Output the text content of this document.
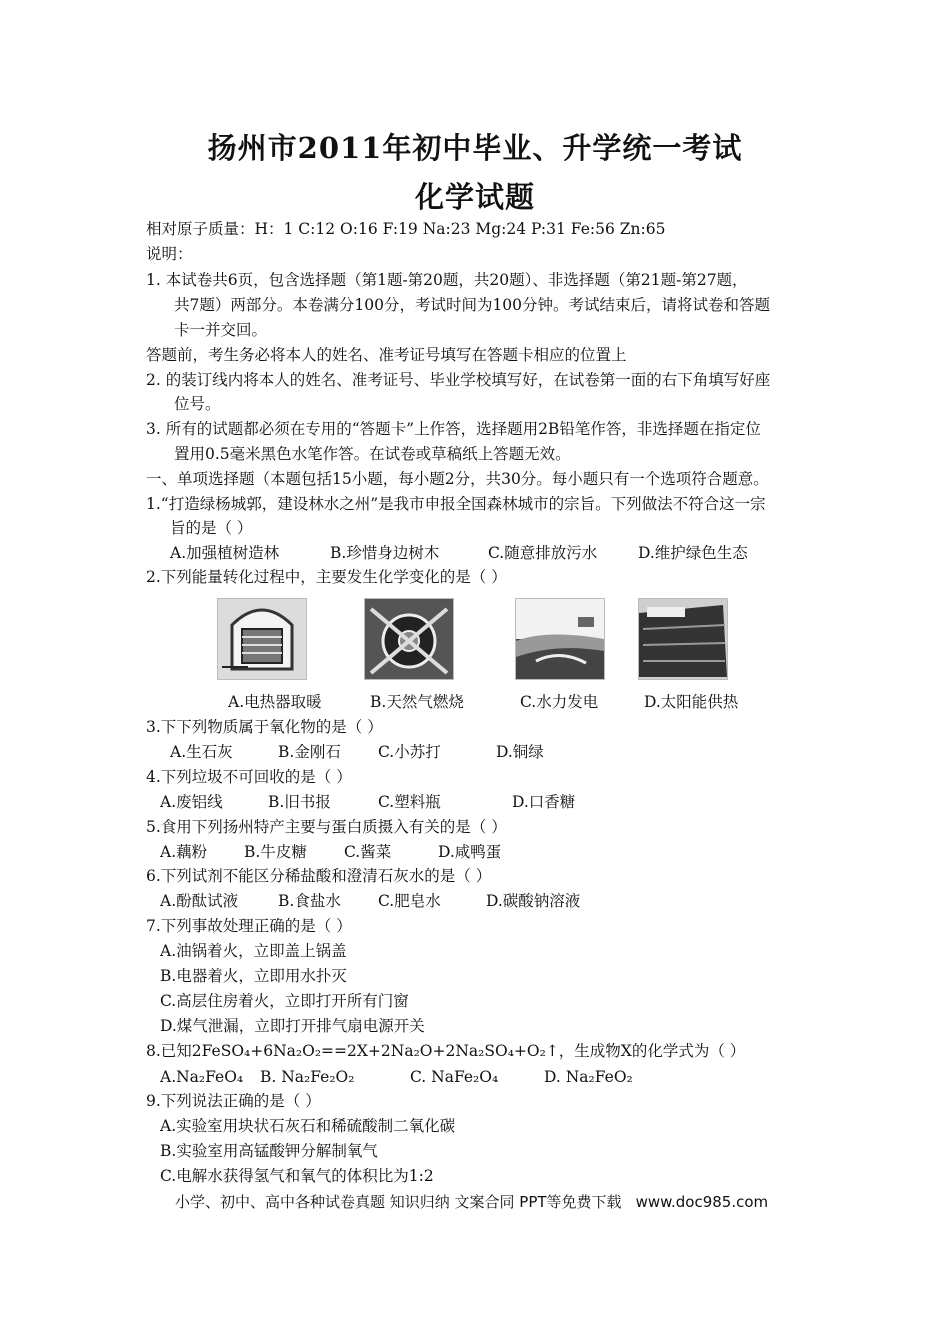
扬州市2011年初中毕业、升学统一考试
化学试题
相对原子质量：H：1 C:12 O:16 F:19 Na:23 Mg:24 P:31 Fe:56 Zn:65
说明：
1. 本试卷共6页，包含选择题（第1题-第20题，共20题）、非选择题（第21题-第27题，
共7题）两部分。本卷满分100分，考试时间为100分钟。考试结束后，请将试卷和答题
卡一并交回。
答题前，考生务必将本人的姓名、准考证号填写在答题卡相应的位置上
2. 的装订线内将本人的姓名、准考证号、毕业学校填写好，在试卷第一面的右下角填写好座
位号。
3. 所有的试题都必须在专用的“答题卡”上作答，选择题用2B铅笔作答，非选择题在指定位
置用0.5毫米黑色水笔作答。在试卷或草稿纸上答题无效。
一、单项选择题（本题包括15小题，每小题2分，共30分。每小题只有一个选项符合题意。
1.“打造绿杨城郭，建设林水之州”是我市申报全国森林城市的宗旨。下列做法不符合这一宗
旨的是（ ）
A.加强植树造林	B.珍惜身边树木	C.随意排放污水	D.维护绿色生态
2.下列能量转化过程中，主要发生化学变化的是（ ）
A.电热器取暖	B.天然气燃烧	C.水力发电	D.太阳能供热
3.下下列物质属于氧化物的是（ ）
A.生石灰	B.金刚石 C.小苏打	D.铜绿
4.下列垃圾不可回收的是（ ）
A.废铝线	B.旧书报	C.塑料瓶	D.口香糖
5.食用下列扬州特产主要与蛋白质摄入有关的是（ ）
A.藕粉 B.牛皮糖 C.酱菜	D.咸鸭蛋
6.下列试剂不能区分稀盐酸和澄清石灰水的是（ ）
A.酚酞试液	B.食盐水 C.肥皂水	D.碳酸钠溶液
7.下列事故处理正确的是（ ）
A.油锅着火，立即盖上锅盖
B.电器着火，立即用水扑灭
C.高层住房着火，立即打开所有门窗
D.煤气泄漏，立即打开排气扇电源开关
8.已知2FeSO₄+6Na₂O₂==2X+2Na₂O+2Na₂SO₄+O₂↑，生成物X的化学式为（ ）
A.Na₂FeO₄ B. Na₂Fe₂O₂	C. NaFe₂O₄	D. Na₂FeO₂
9.下列说法正确的是（ ）
A.实验室用块状石灰石和稀硫酸制二氧化碳
B.实验室用高锰酸钾分解制氧气
C.电解水获得氢气和氧气的体积比为1:2
小学、初中、高中各种试卷真题 知识归纳 文案合同 PPT等免费下载 www.doc985.com
